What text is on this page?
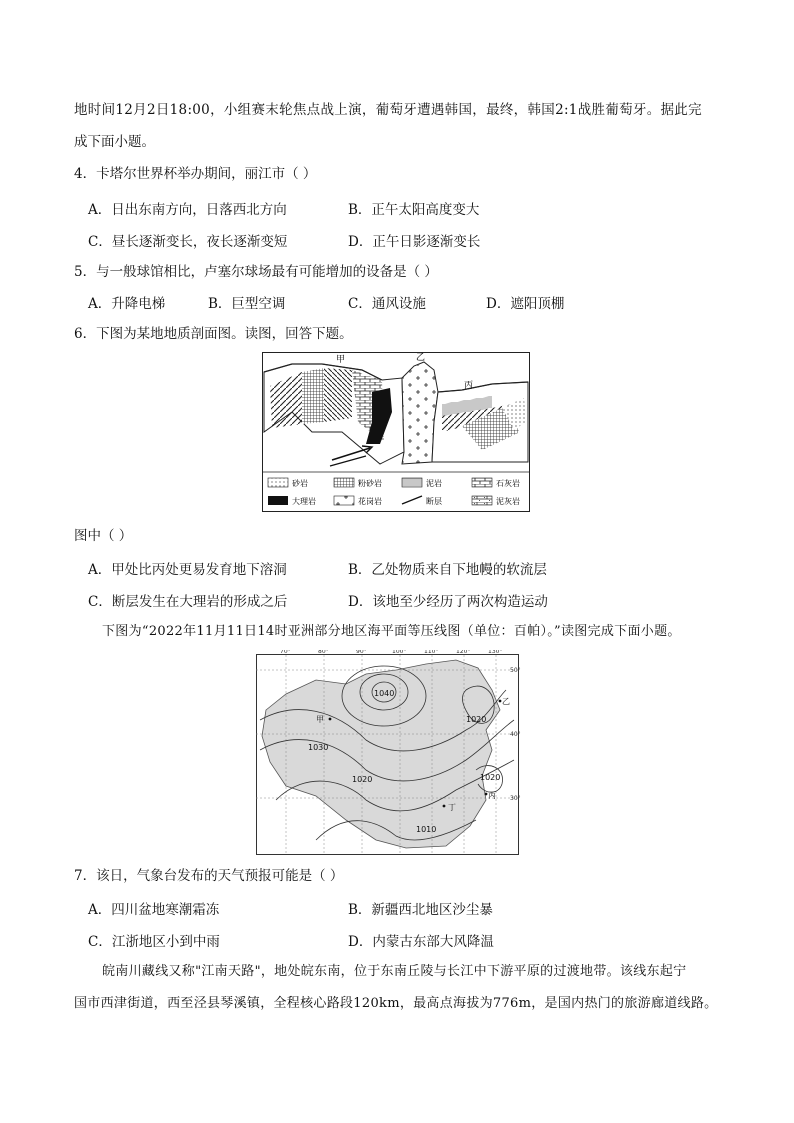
地时间12月2日18:00，小组赛末轮焦点战上演，葡萄牙遭遇韩国，最终，韩国2:1战胜葡萄牙。据此完
成下面小题。
4．卡塔尔世界杯举办期间，丽江市（ ）
A．日出东南方向，日落西北方向	B．正午太阳高度变大
C．昼长逐渐变长，夜长逐渐变短	D．正午日影逐渐变长
5．与一般球馆相比，卢塞尔球场最有可能增加的设备是（ ）
A．升降电梯	B．巨型空调	C．通风设施	D．遮阳顶棚
6．下图为某地地质剖面图。读图，回答下题。
甲	乙
丙
砂岩	粉砂岩	泥岩	石灰岩
大理岩	花岗岩	断层	泥灰岩
图中（ ）
A．甲处比丙处更易发育地下溶洞	B．乙处物质来自下地幔的软流层
C．断层发生在大理岩的形成之后	D．该地至少经历了两次构造运动
下图为“2022年11月11日14时亚洲部分地区海平面等压线图（单位：百帕）。”读图完成下面小题。
70°	80°	90°	100°	110°	120°	130°
50°
40°
30°
1040
1030
1020
1020	1020
1010
甲
乙
丙
丁
7．该日，气象台发布的天气预报可能是（ ）
A．四川盆地寒潮霜冻	B．新疆西北地区沙尘暴
C．江浙地区小到中雨	D．内蒙古东部大风降温
皖南川藏线又称"江南天路"，地处皖东南，位于东南丘陵与长江中下游平原的过渡地带。该线东起宁
国市西津街道，西至泾县琴溪镇，全程核心路段120km，最高点海拔为776m，是国内热门的旅游廊道线路。
